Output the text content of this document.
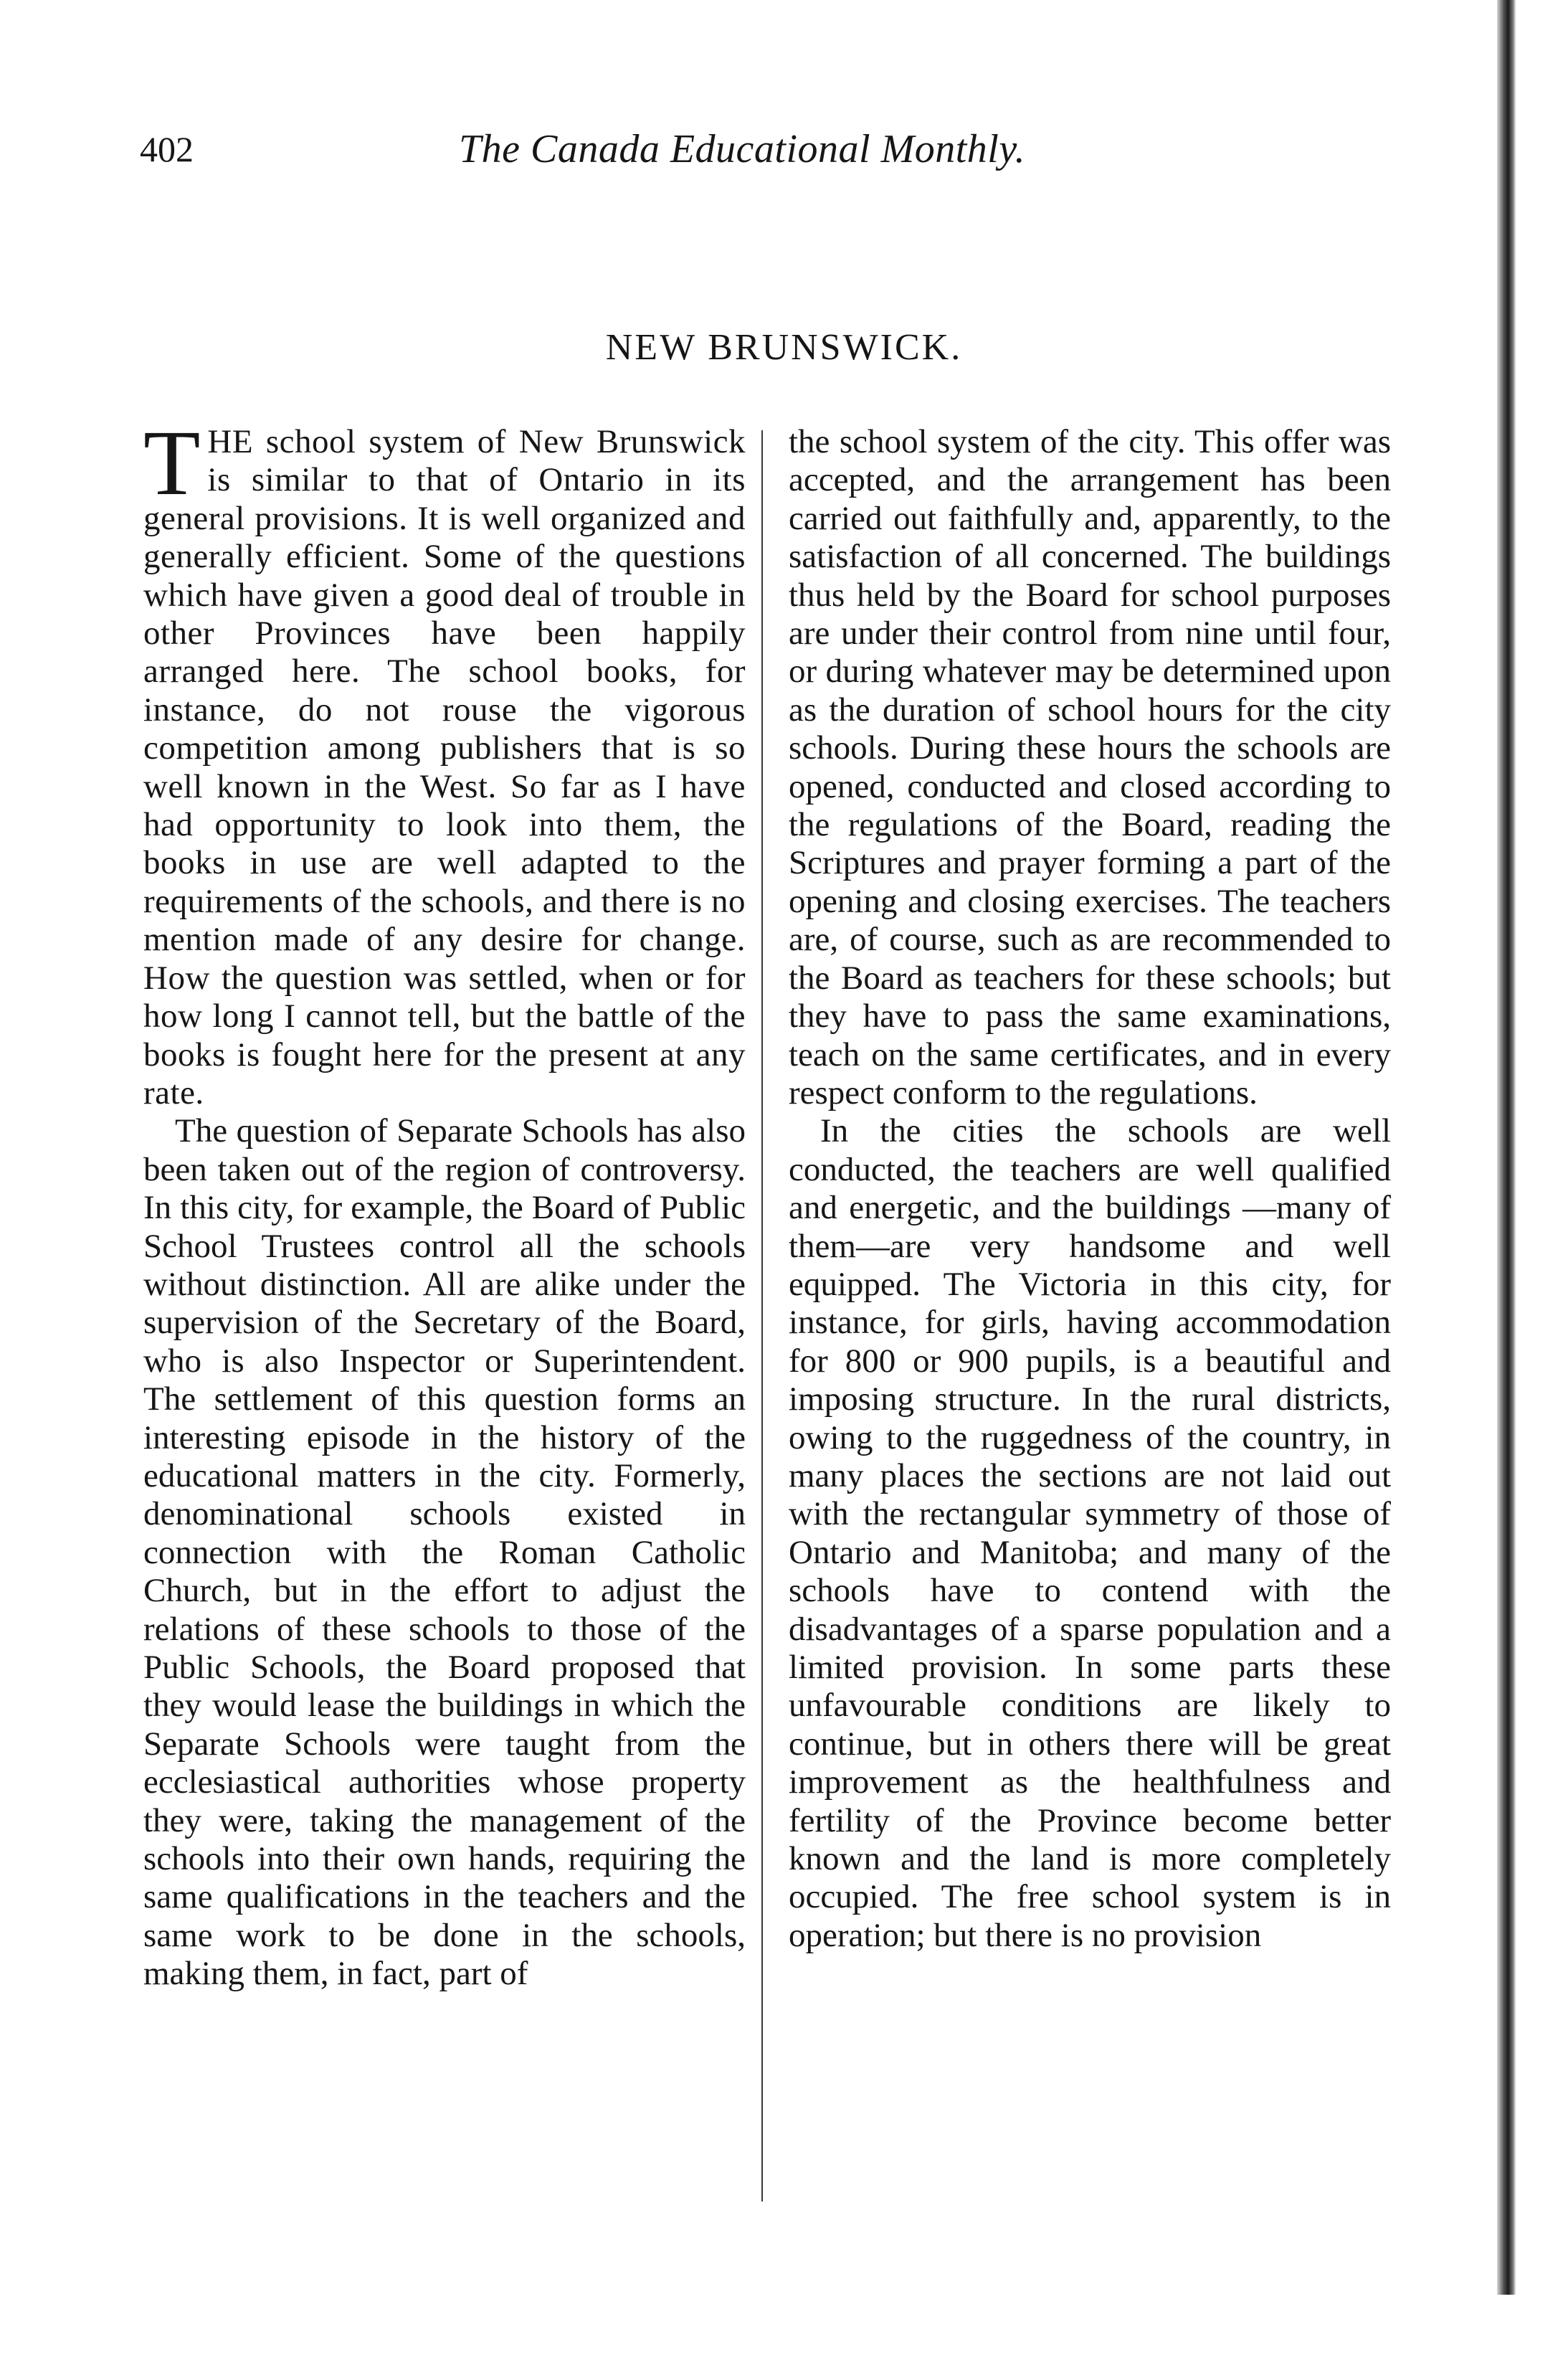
402	The Canada Educational Monthly.
NEW BRUNSWICK.

THE school system of New Brunswick is similar to that of Ontario in its general provisions. It is well organized and generally efficient. Some of the questions which have given a good deal of trouble in other Provinces have been happily arranged here. The school books, for instance, do not rouse the vigorous competition among publishers that is so well known in the West. So far as I have had opportunity to look into them, the books in use are well adapted to the requirements of the schools, and there is no mention made of any desire for change. How the question was settled, when or for how long I cannot tell, but the battle of the books is fought here for the present at any rate.

The question of Separate Schools has also been taken out of the region of controversy. In this city, for example, the Board of Public School Trustees control all the schools without distinction. All are alike under the supervision of the Secretary of the Board, who is also Inspector or Superintendent. The settlement of this question forms an interesting episode in the history of the educational matters in the city. Formerly, denominational schools existed in connection with the Roman Catholic Church, but in the effort to adjust the relations of these schools to those of the Public Schools, the Board proposed that they would lease the buildings in which the Separate Schools were taught from the ecclesiastical authorities whose property they were, taking the management of the schools into their own hands, requiring the same qualifications in the teachers and the same work to be done in the schools, making them, in fact, part of

the school system of the city. This offer was accepted, and the arrangement has been carried out faithfully and, apparently, to the satisfaction of all concerned. The buildings thus held by the Board for school purposes are under their control from nine until four, or during whatever may be determined upon as the duration of school hours for the city schools. During these hours the schools are opened, conducted and closed according to the regulations of the Board, reading the Scriptures and prayer forming a part of the opening and closing exercises. The teachers are, of course, such as are recommended to the Board as teachers for these schools; but they have to pass the same examinations, teach on the same certificates, and in every respect conform to the regulations.

In the cities the schools are well conducted, the teachers are well qualified and energetic, and the buildings —many of them—are very handsome and well equipped. The Victoria in this city, for instance, for girls, having accommodation for 800 or 900 pupils, is a beautiful and imposing structure. In the rural districts, owing to the ruggedness of the country, in many places the sections are not laid out with the rectangular symmetry of those of Ontario and Manitoba; and many of the schools have to contend with the disadvantages of a sparse population and a limited provision. In some parts these unfavourable conditions are likely to continue, but in others there will be great improvement as the healthfulness and fertility of the Province become better known and the land is more completely occupied. The free school system is in operation; but there is no provision
